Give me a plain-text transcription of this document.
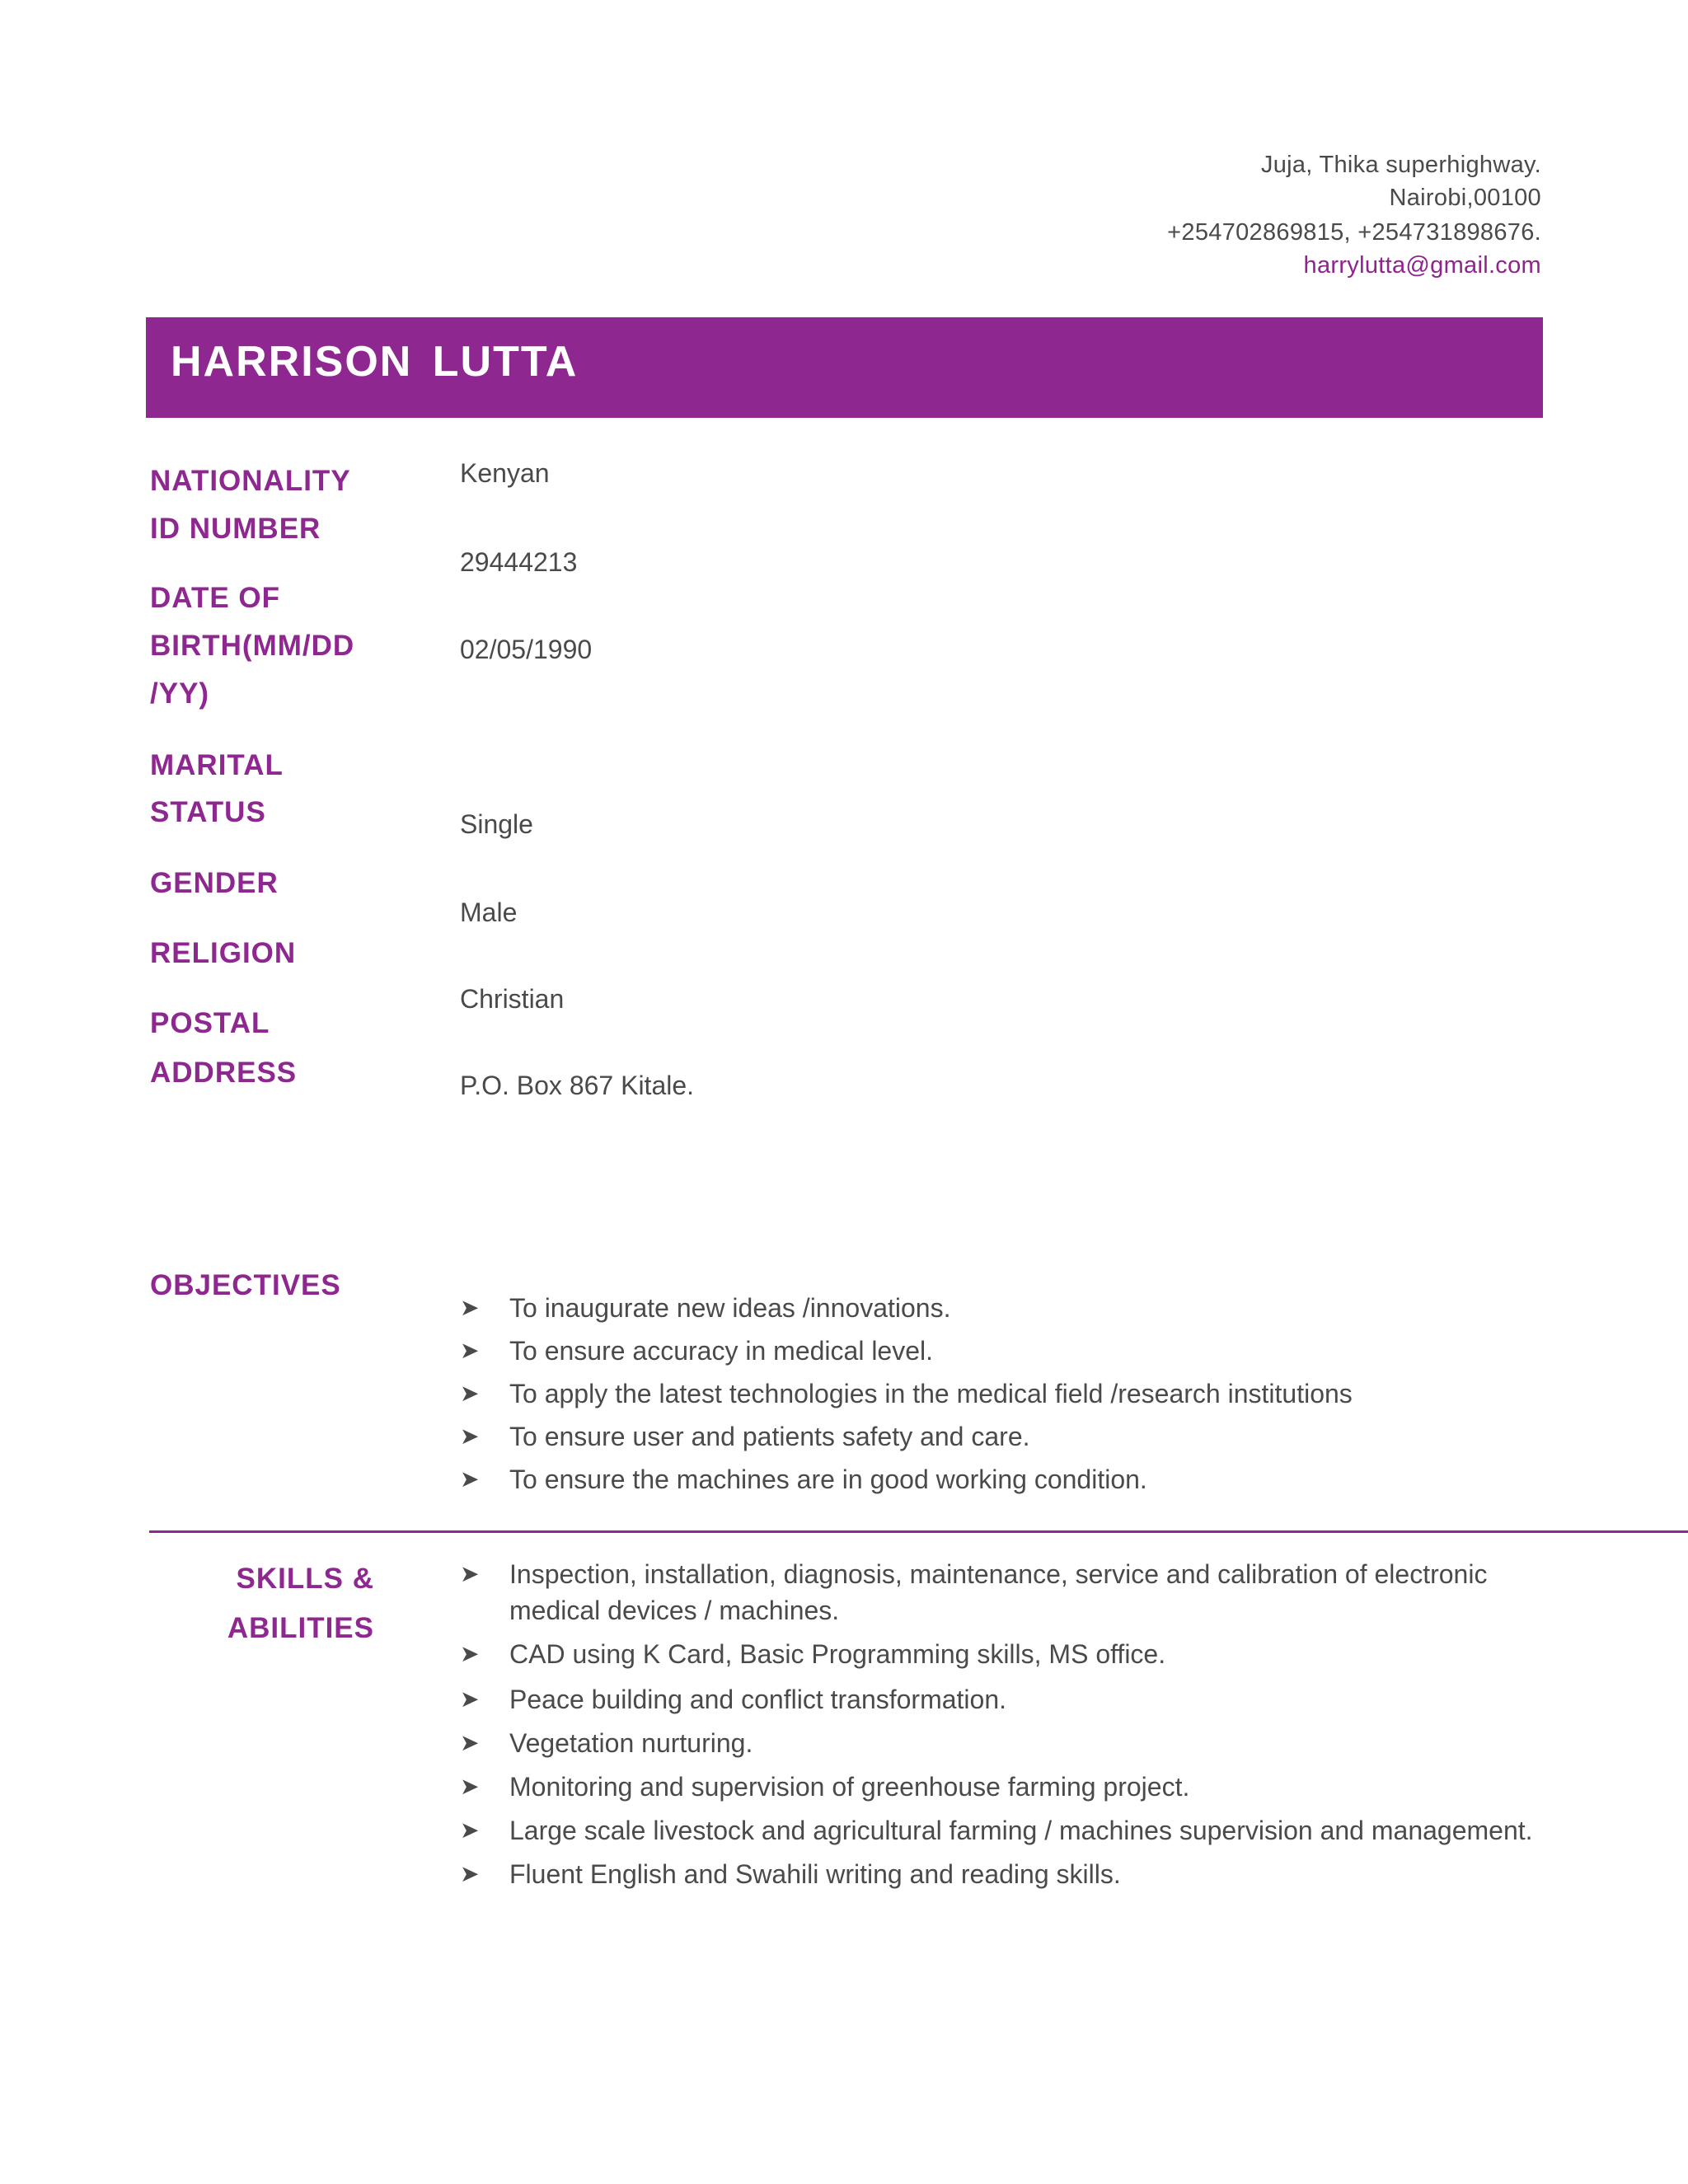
Juja, Thika superhighway.

Nairobi,00100

+254702869815, +254731898676.

harrylutta@gmail.com

HARRISON LUTTA

NATIONALITY

ID NUMBER

DATE OF

BIRTH(MM/DD

/YY)

MARITAL

STATUS

GENDER

RELIGION

POSTAL

ADDRESS

Kenyan

29444213

02/05/1990

Single

Male

Christian

P.O. Box 867 Kitale.

OBJECTIVES

➤ To inaugurate new ideas /innovations.
➤ To ensure accuracy in medical level.
➤ To apply the latest technologies in the medical field /research institutions
➤ To ensure user and patients safety and care.
➤ To ensure the machines are in good working condition.

SKILLS &

ABILITIES

➤ Inspection, installation, diagnosis, maintenance, service and calibration of electronic
medical devices / machines.
➤ CAD using K Card, Basic Programming skills, MS office.
➤ Peace building and conflict transformation.
➤ Vegetation nurturing.
➤ Monitoring and supervision of greenhouse farming project.
➤ Large scale livestock and agricultural farming / machines supervision and management.
➤ Fluent English and Swahili writing and reading skills.
